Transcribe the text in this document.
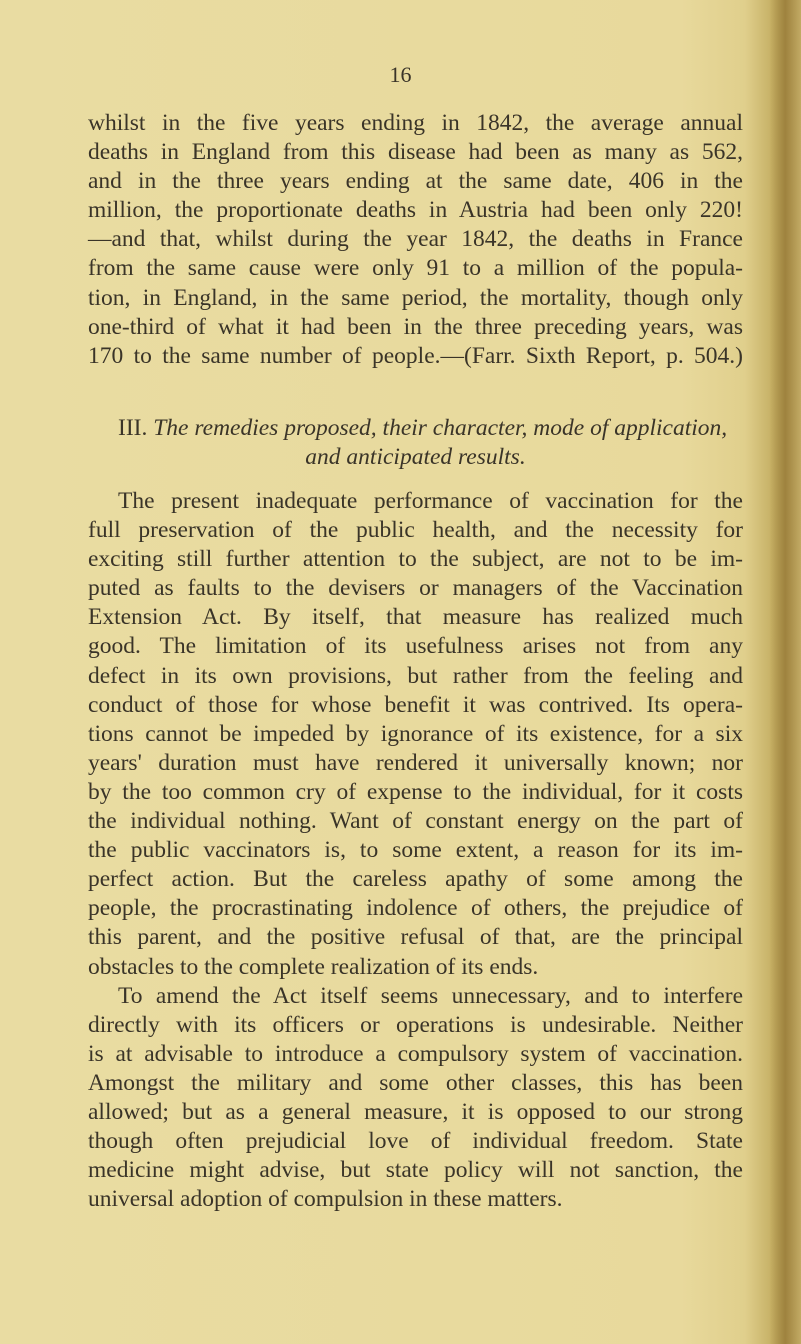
16
whilst in the five years ending in 1842, the average annual
deaths in England from this disease had been as many as 562,
and in the three years ending at the same date, 406 in the
million, the proportionate deaths in Austria had been only 220!
—and that, whilst during the year 1842, the deaths in France
from the same cause were only 91 to a million of the popula-
tion, in England, in the same period, the mortality, though only
one-third of what it had been in the three preceding years, was
170 to the same number of people.—(Farr. Sixth Report, p. 504.)
III. The remedies proposed, their character, mode of application,
and anticipated results.
The present inadequate performance of vaccination for the
full preservation of the public health, and the necessity for
exciting still further attention to the subject, are not to be im-
puted as faults to the devisers or managers of the Vaccination
Extension Act. By itself, that measure has realized much
good. The limitation of its usefulness arises not from any
defect in its own provisions, but rather from the feeling and
conduct of those for whose benefit it was contrived. Its opera-
tions cannot be impeded by ignorance of its existence, for a six
years' duration must have rendered it universally known; nor
by the too common cry of expense to the individual, for it costs
the individual nothing. Want of constant energy on the part of
the public vaccinators is, to some extent, a reason for its im-
perfect action. But the careless apathy of some among the
people, the procrastinating indolence of others, the prejudice of
this parent, and the positive refusal of that, are the principal
obstacles to the complete realization of its ends.
To amend the Act itself seems unnecessary, and to interfere
directly with its officers or operations is undesirable. Neither
is at advisable to introduce a compulsory system of vaccination.
Amongst the military and some other classes, this has been
allowed; but as a general measure, it is opposed to our strong
though often prejudicial love of individual freedom. State
medicine might advise, but state policy will not sanction, the
universal adoption of compulsion in these matters.
